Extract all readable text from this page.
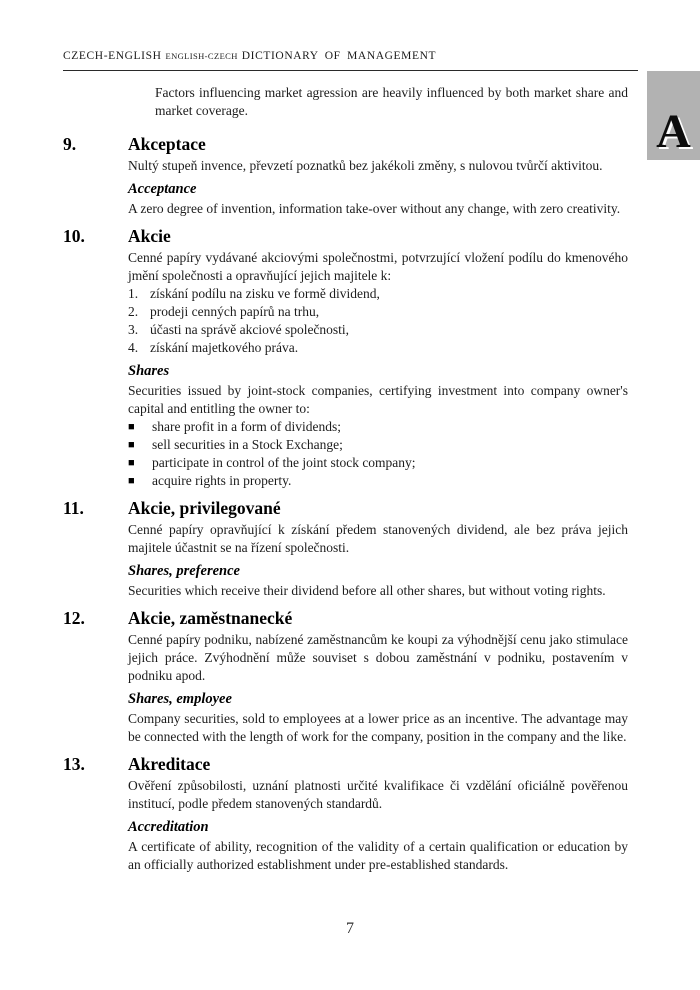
CZECH-ENGLISH ENGLISH-CZECH DICTIONARY OF MANAGEMENT
A

Factors influencing market agression are heavily influenced by both market share and market coverage.

9.	Akceptace

Nultý stupeň invence, převzetí poznatků bez jakékoli změny, s nulovou tvůrčí aktivitou.

Acceptance

A zero degree of invention, information take-over without any change, with zero creativity.

10.	Akcie

Cenné papíry vydávané akciovými společnostmi, potvrzující vložení podílu do kmenového jmění společnosti a opravňující jejich majitele k:

1. získání podílu na zisku ve formě dividend,
2. prodeji cenných papírů na trhu,
3. účasti na správě akciové společnosti,
4. získání majetkového práva.
Shares

Securities issued by joint-stock companies, certifying investment into company owner's capital and entitling the owner to:

■	share profit in a form of dividends;
■	sell securities in a Stock Exchange;
■	participate in control of the joint stock company;
■	acquire rights in property.
11.	Akcie, privilegované

Cenné papíry opravňující k získání předem stanovených dividend, ale bez práva jejich majitele účastnit se na řízení společnosti.

Shares, preference

Securities which receive their dividend before all other shares, but without voting rights.

12.	Akcie, zaměstnanecké

Cenné papíry podniku, nabízené zaměstnancům ke koupi za výhodnější cenu jako stimulace jejich práce. Zvýhodnění může souviset s dobou zaměstnání v podniku, postavením v podniku apod.

Shares, employee

Company securities, sold to employees at a lower price as an incentive. The advantage may be connected with the length of work for the company, position in the company and the like.

13.	Akreditace

Ověření způsobilosti, uznání platnosti určité kvalifikace či vzdělání oficiálně pověřenou institucí, podle předem stanovených standardů.

Accreditation

A certificate of ability, recognition of the validity of a certain qualification or education by an officially authorized establishment under pre-established standards.

7
